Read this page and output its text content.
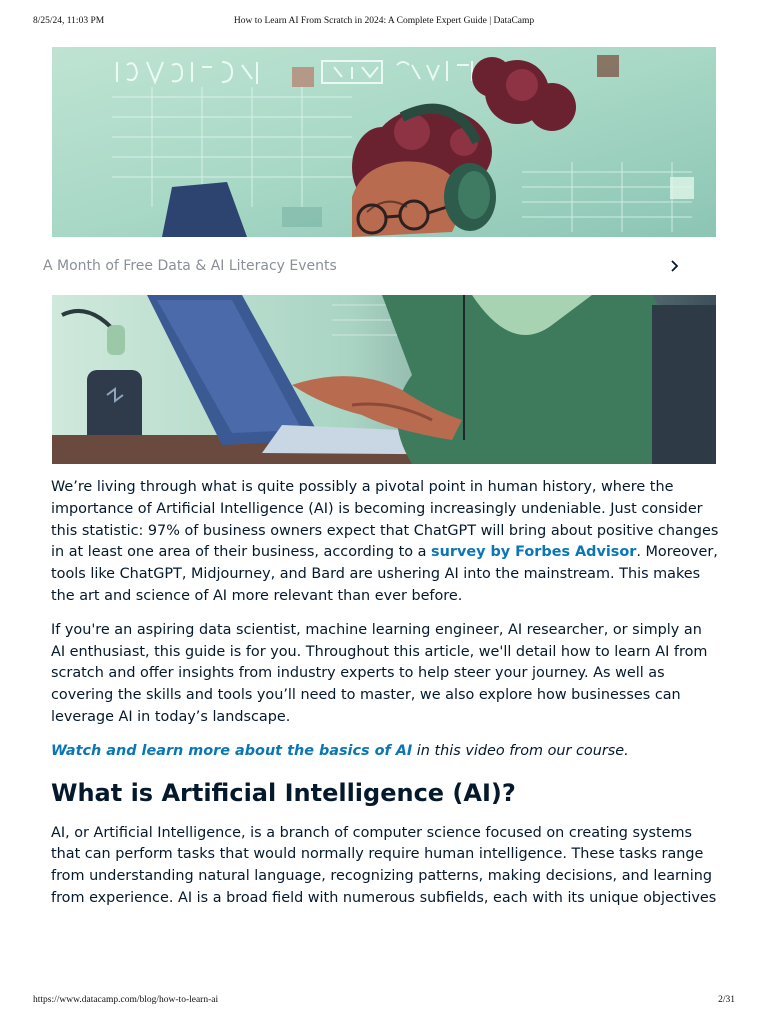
8/25/24, 11:03 PM	How to Learn AI From Scratch in 2024: A Complete Expert Guide | DataCamp
A Month of Free Data & AI Literacy Events

We’re living through what is quite possibly a pivotal point in human history, where the importance of Artificial Intelligence (AI) is becoming increasingly undeniable. Just consider this statistic: 97% of business owners expect that ChatGPT will bring about positive changes in at least one area of their business, according to a survey by Forbes Advisor. Moreover, tools like ChatGPT, Midjourney, and Bard are ushering AI into the mainstream. This makes the art and science of AI more relevant than ever before.

If you're an aspiring data scientist, machine learning engineer, AI researcher, or simply an AI enthusiast, this guide is for you. Throughout this article, we'll detail how to learn AI from scratch and offer insights from industry experts to help steer your journey. As well as covering the skills and tools you’ll need to master, we also explore how businesses can leverage AI in today’s landscape.

Watch and learn more about the basics of AI in this video from our course.

What is Artificial Intelligence (AI)?

AI, or Artificial Intelligence, is a branch of computer science focused on creating systems that can perform tasks that would normally require human intelligence. These tasks range from understanding natural language, recognizing patterns, making decisions, and learning from experience. AI is a broad field with numerous subfields, each with its unique objectives

https://www.datacamp.com/blog/how-to-learn-ai	2/31
